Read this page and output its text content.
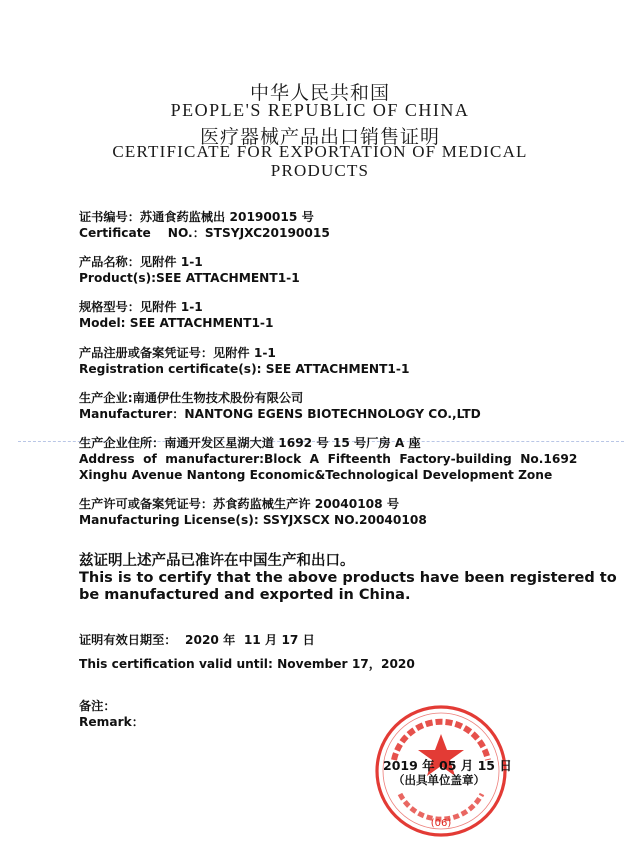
中华人民共和国
PEOPLE'S REPUBLIC OF CHINA
医疗器械产品出口销售证明
CERTIFICATE FOR EXPORTATION OF MEDICAL
PRODUCTS
证书编号：苏通食药监械出 20190015 号
Certificate    NO.：STSYJXC20190015
产品名称：见附件 1-1
Product(s):SEE ATTACHMENT1-1
规格型号：见附件 1-1
Model: SEE ATTACHMENT1-1
产品注册或备案凭证号：见附件 1-1
Registration certificate(s): SEE ATTACHMENT1-1
生产企业:南通伊仕生物技术股份有限公司
Manufacturer：NANTONG EGENS BIOTECHNOLOGY CO.,LTD
生产企业住所：南通开发区星湖大道 1692 号 15 号厂房 A 座
Address  of  manufacturer:Block  A  Fifteenth  Factory-building  No.1692
Xinghu Avenue Nantong Economic&Technological Development Zone
生产许可或备案凭证号：苏食药监械生产许 20040108 号
Manufacturing License(s): SSYJXSCX NO.20040108
兹证明上述产品已准许在中国生产和出口。
This is to certify that the above products have been registered to
be manufactured and exported in China.
证明有效日期至：  2020 年  11 月 17 日
This certification valid until: November 17，2020
备注：
Remark：
(06)
2019 年 05 月 15 日
（出具单位盖章）
